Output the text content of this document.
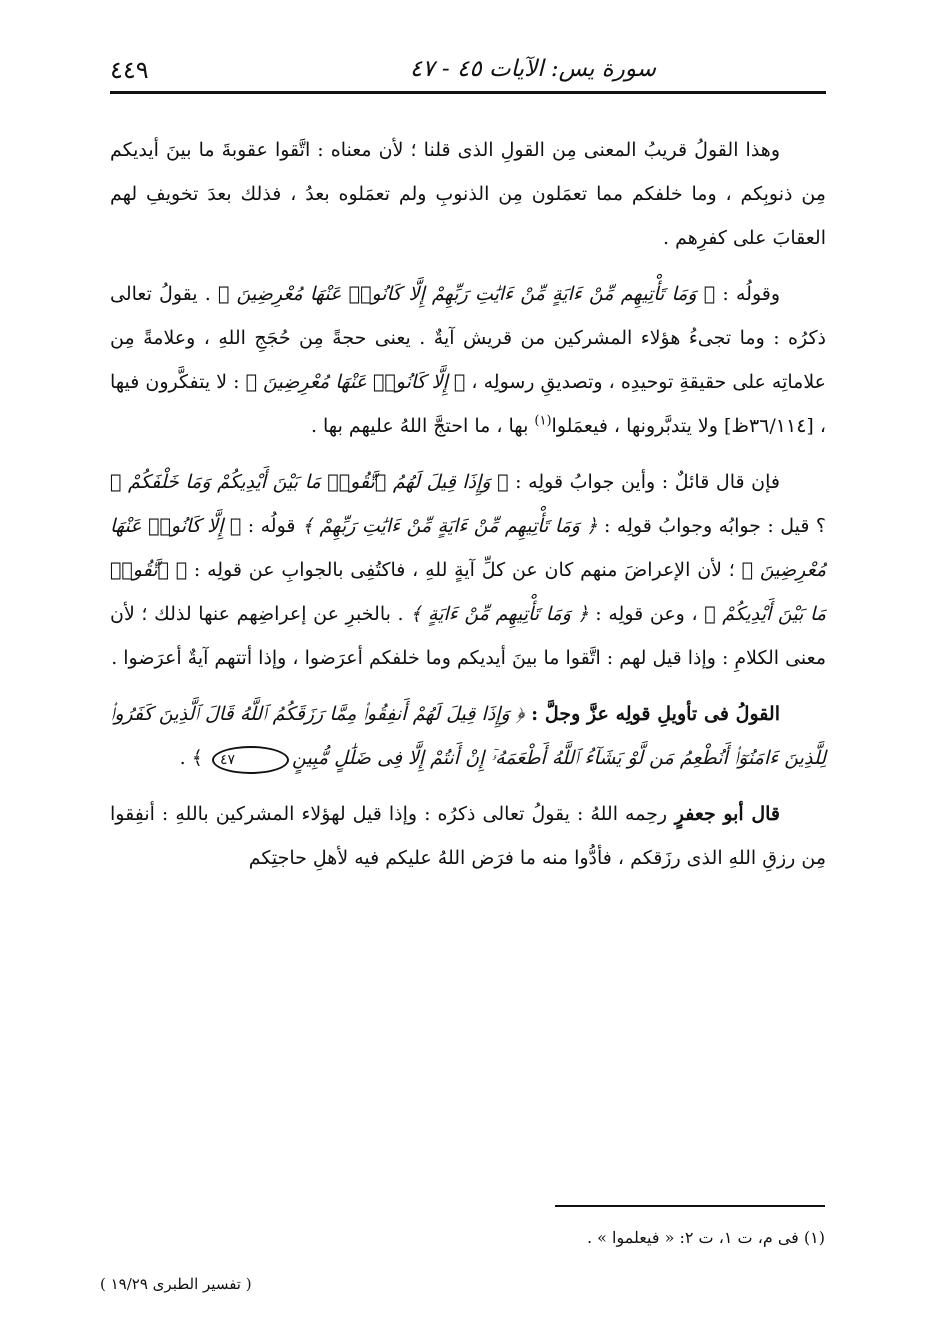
سورة يس: الآيات ٤٥ - ٤٧
٤٤٩

وهذا القولُ قريبُ المعنى مِن القولِ الذى قلنا ؛ لأن معناه : اتَّقوا عقوبةَ ما بينَ أيديكم مِن ذنوبِكم ، وما خلفكم مما تعمَلون مِن الذنوبِ ولم تعمَلوه بعدُ ، فذلك بعدَ تخويفِ لهم العقابَ على كفرِهم .

وقولُه : ﴿ وَمَا تَأْتِيهِم مِّنْ ءَايَةٍ مِّنْ ءَايَٰتِ رَبِّهِمْ إِلَّا كَانُوا۟ عَنْهَا مُعْرِضِينَ ﴾ . يقولُ تعالى ذكرُه : وما تجىءُ هؤلاء المشركين من قريش آيةٌ . يعنى حجةً مِن حُجَجِ اللهِ ، وعلامةً مِن علاماتِه على حقيقةِ توحيدِه ، وتصديقِ رسولِه ، ﴿ إِلَّا كَانُوا۟ عَنْهَا مُعْرِضِينَ ﴾ : لا يتفكَّرون فيها ، [٣٦/١١٤ظ] ولا يتدبَّرونها ، فيعمَلوا$^{(١)}$ بها ، ما احتجَّ اللهُ عليهم بها .

فإن قال قائلٌ : وأين جوابُ قولِه : ﴿ وَإِذَا قِيلَ لَهُمُ ٱتَّقُوا۟ مَا بَيْنَ أَيْدِيكُمْ وَمَا خَلْفَكُمْ ﴾ ؟ قيل : جوابُه وجوابُ قولِه : ﴿ وَمَا تَأْتِيهِم مِّنْ ءَايَةٍ مِّنْ ءَايَٰتِ رَبِّهِمْ ﴾ قولُه : ﴿ إِلَّا كَانُوا۟ عَنْهَا مُعْرِضِينَ ﴾ ؛ لأن الإعراضَ منهم كان عن كلِّ آيةٍ للهِ ، فاكتُفِى بالجوابِ عن قولِه : ﴿ ٱتَّقُوا۟ مَا بَيْنَ أَيْدِيكُمْ ﴾ ، وعن قولِه : ﴿ وَمَا تَأْتِيهِم مِّنْ ءَايَةٍ ﴾ . بالخبرِ عن إعراضِهم عنها لذلك ؛ لأن معنى الكلامِ : وإذا قيل لهم : اتَّقوا ما بينَ أيديكم وما خلفكم أعرَضوا ، وإذا أتتهم آيةٌ أعرَضوا .

القولُ فى تأويلِ قولِه عزَّ وجلَّ : ﴿ وَإِذَا قِيلَ لَهُمْ أَنفِقُوا۟ مِمَّا رَزَقَكُمُ ٱللَّهُ قَالَ ٱلَّذِينَ كَفَرُوا۟ لِلَّذِينَ ءَامَنُوٓا۟ أَنُطْعِمُ مَن لَّوْ يَشَآءُ ٱللَّهُ أَطْعَمَهُۥٓ إِنْ أَنتُمْ إِلَّا فِى ضَلَٰلٍ مُّبِينٍ٤٧ ﴾ .

قال أبو جعفرٍ رحِمه اللهُ : يقولُ تعالى ذكرُه : وإذا قيل لهؤلاء المشركين باللهِ : أنفِقوا مِن رزقِ اللهِ الذى رزَقكم ، فأدُّوا منه ما فرَض اللهُ عليكم فيه لأهلِ حاجتِكم

(١) فى م، ت ١، ت ٢: « فيعلموا » .
( تفسير الطبرى ١٩/٢٩ )
